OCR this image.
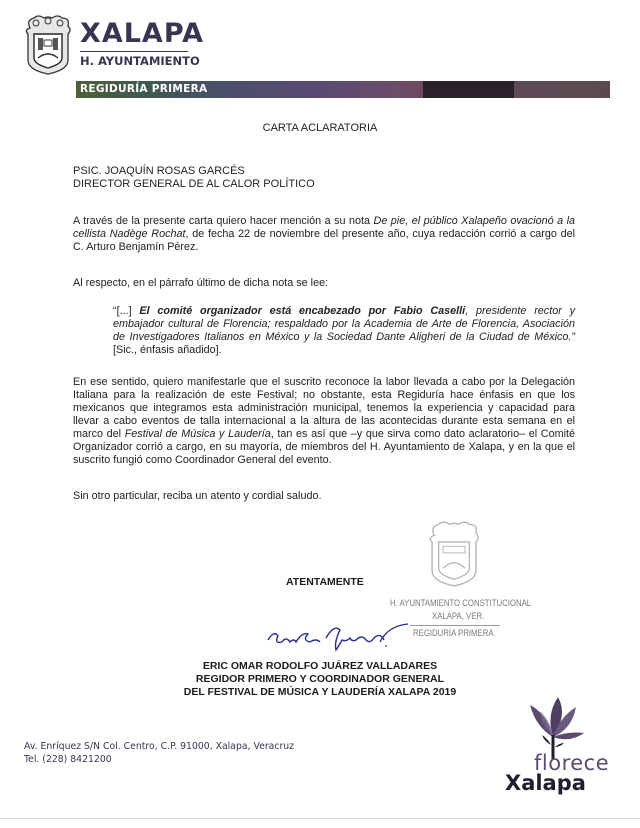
XALAPA
H. AYUNTAMIENTO
REGIDURÍA PRIMERA
CARTA ACLARATORIA
PSIC. JOAQUÍN ROSAS GARCÉS
DIRECTOR GENERAL DE AL CALOR POLÍTICO
A través de la presente carta quiero hacer mención a su nota De pie, el público Xalapeño ovacionó a la cellista Nadège Rochat, de fecha 22 de noviembre del presente año, cuya redacción corrió a cargo del C. Arturo Benjamín Pérez.
Al respecto, en el párrafo último de dicha nota se lee:
“[...] El comité organizador está encabezado por Fabio Caselli, presidente rector y embajador cultural de Florencia; respaldado por la Academia de Arte de Florencia, Asociación de Investigadores Italianos en México y la Sociedad Dante Aligheri de la Ciudad de México.” [Sic., énfasis añadido].
En ese sentido, quiero manifestarle que el suscrito reconoce la labor llevada a cabo por la Delegación Italiana para la realización de este Festival; no obstante, esta Regiduría hace énfasis en que los mexicanos que integramos esta administración municipal, tenemos la experiencia y capacidad para llevar a cabo eventos de talla internacional a la altura de las acontecidas durante esta semana en el marco del Festival de Música y Laudería, tan es así que –y que sirva como dato aclaratorio– el Comité Organizador corrió a cargo, en su mayoría, de miembros del H. Ayuntamiento de Xalapa, y en la que el suscrito fungió como Coordinador General del evento.
Sin otro particular, reciba un atento y cordial saludo.
ATENTAMENTE
H. AYUNTAMIENTO CONSTITUCIONAL
XALAPA, VER.
REGIDURÍA PRIMERA
ERIC OMAR RODOLFO JUÁREZ VALLADARES
REGIDOR PRIMERO Y COORDINADOR GENERAL
DEL FESTIVAL DE MÚSICA Y LAUDERÍA XALAPA 2019
Av. Enríquez S/N Col. Centro, C.P. 91000, Xalapa, Veracruz
Tel. (228) 8421200	florece
Xalapa
